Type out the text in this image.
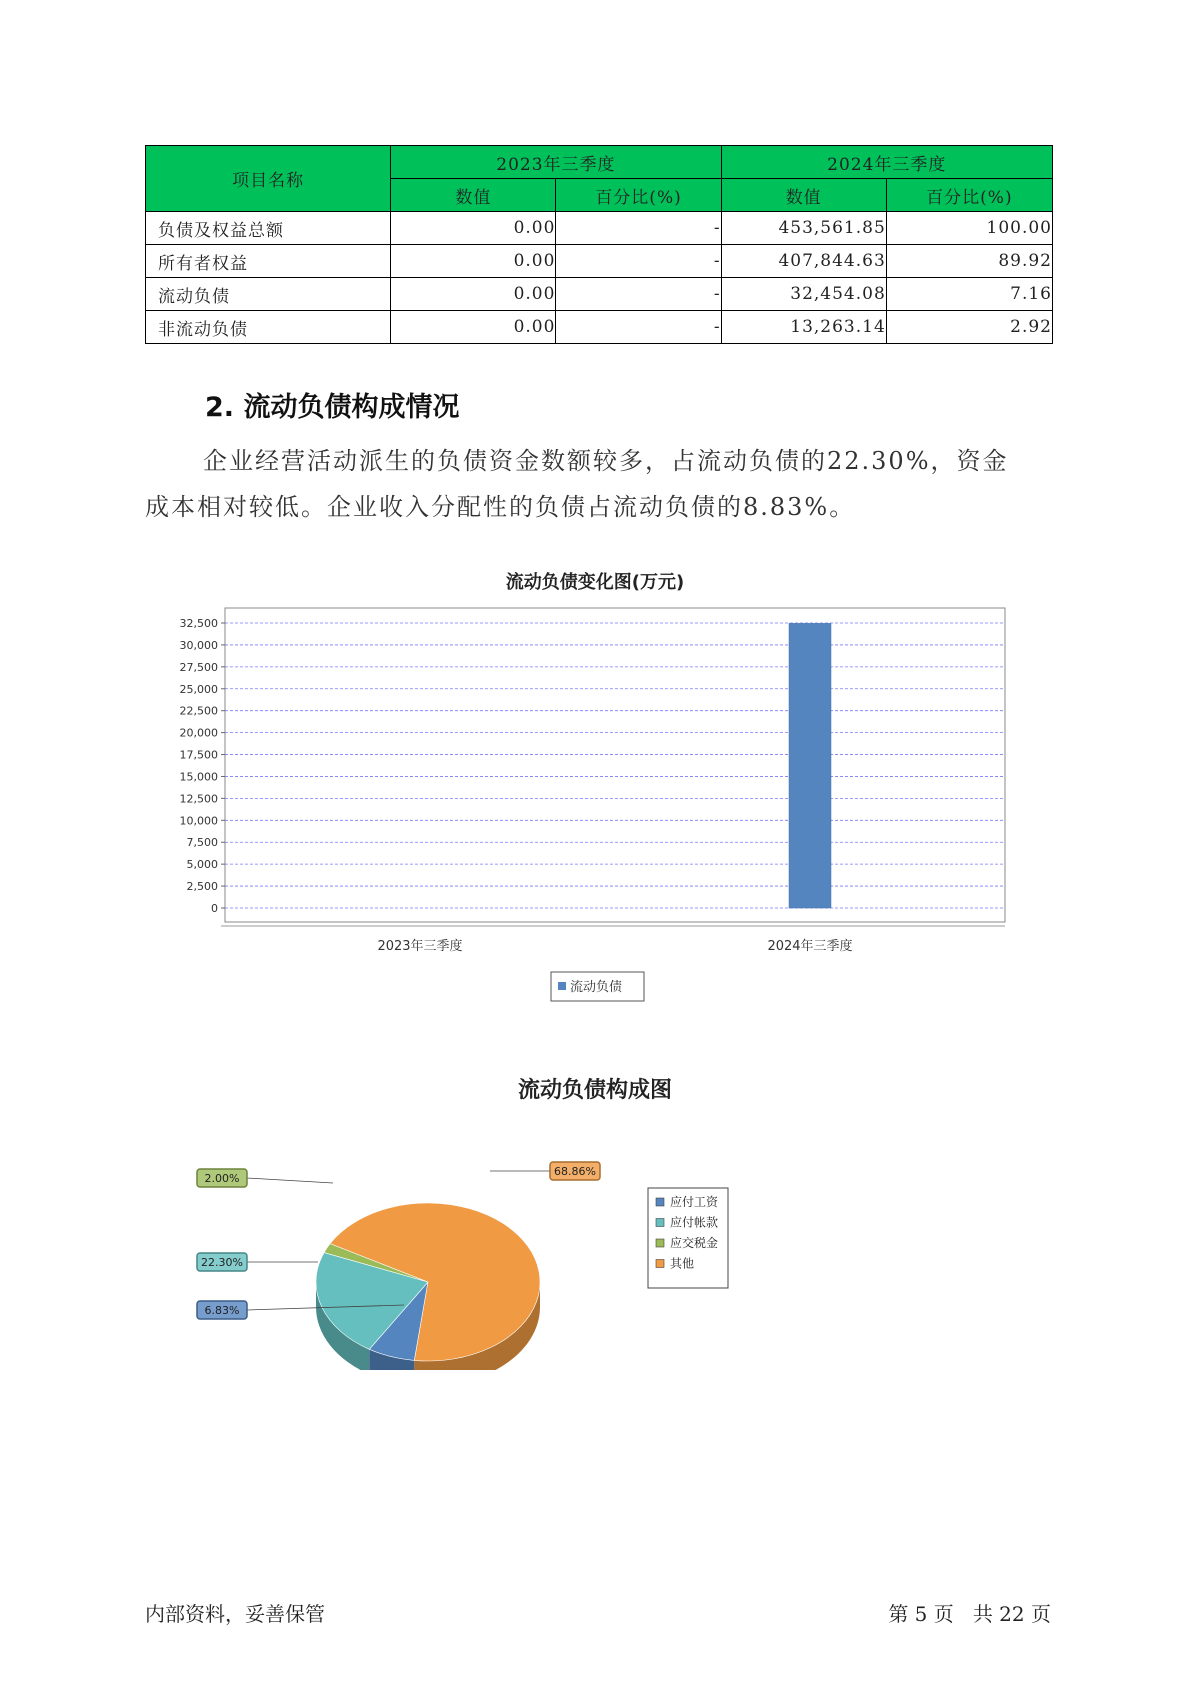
项目名称	2023年三季度		2024年三季度	
	数值	百分比(%)	数值	百分比(%)
负债及权益总额	0.00	-	453,561.85	100.00
所有者权益	0.00	-	407,844.63	89.92
流动负债	0.00	-	32,454.08	7.16
非流动负债	0.00	-	13,263.14	2.92
2. 流动负债构成情况
企业经营活动派生的负债资金数额较多，占流动负债的22.30%，资金
成本相对较低。企业收入分配性的负债占流动负债的8.83%。
流动负债变化图(万元)
0
2,500
5,000
7,500
10,000
12,500
15,000
17,500
20,000
22,500
25,000
27,500
30,000
32,500
2023年三季度	2024年三季度
流动负债
流动负债构成图
6.83%
22.30%
2.00%
68.86%
应付工资
应付帐款
应交税金
其他
内部资料，妥善保管	第 5 页   共 22 页
